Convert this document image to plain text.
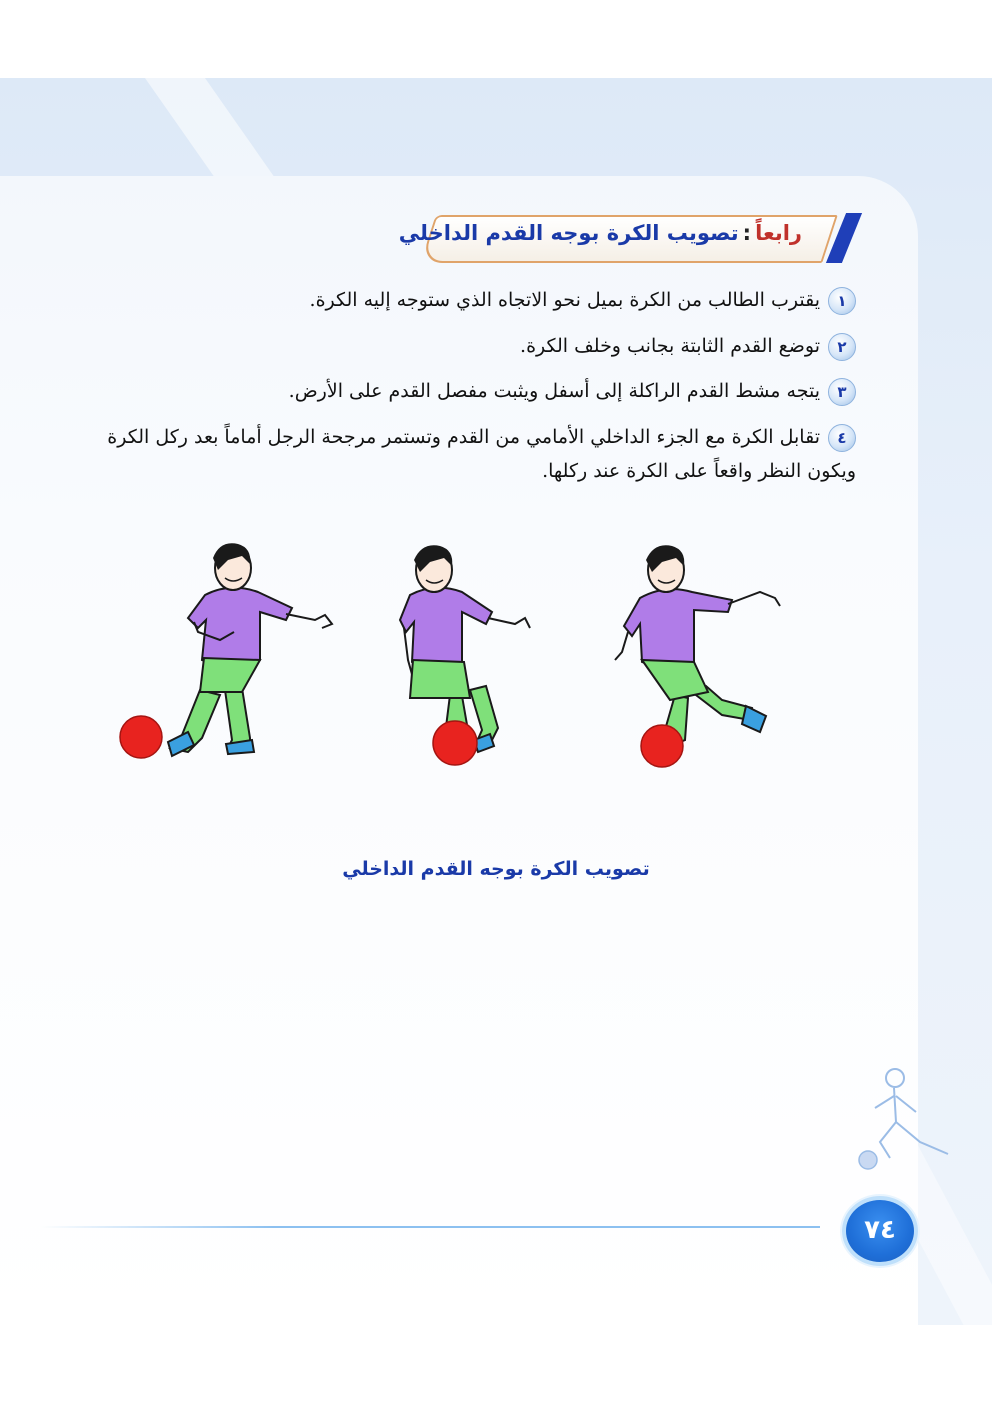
رابعاً:تصويب الكرة بوجه القدم الداخلي
١يقترب الطالب من الكرة بميل نحو الاتجاه الذي ستوجه إليه الكرة.
٢توضع القدم الثابتة بجانب وخلف الكرة.
٣يتجه مشط القدم الراكلة إلى أسفل ويثبت مفصل القدم على الأرض.
٤تقابل الكرة مع الجزء الداخلي الأمامي من القدم وتستمر مرجحة الرجل أماماً بعد ركل الكرة ويكون النظر واقعاً على الكرة عند ركلها.
تصويب الكرة بوجه القدم الداخلي
٧٤
